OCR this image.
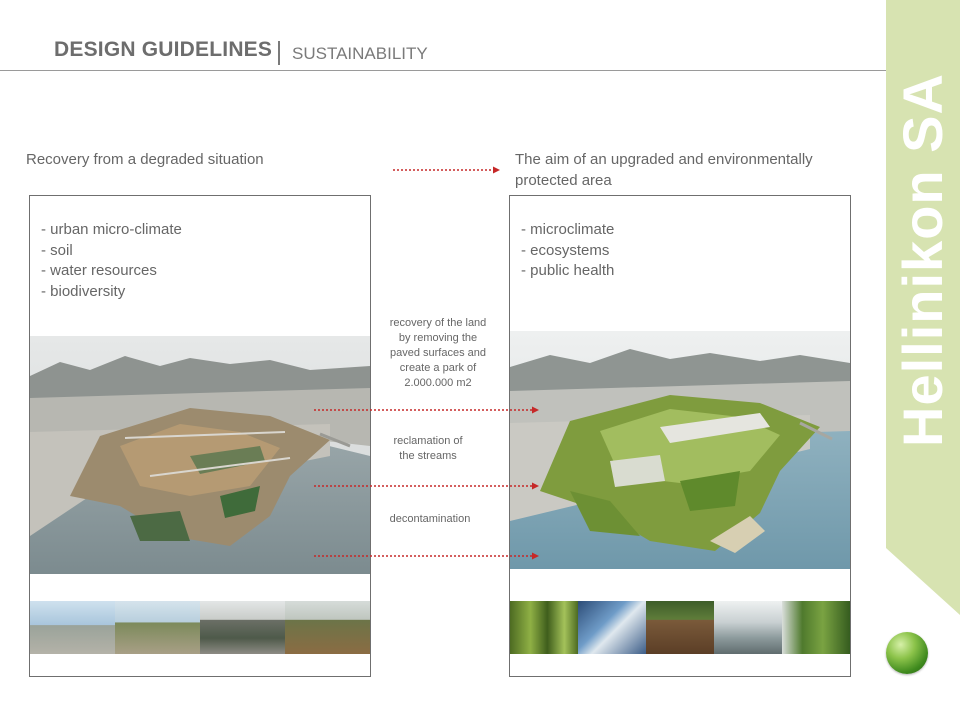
DESIGN GUIDELINES SUSTAINABILITY
Hellinikon SA
Recovery from a degraded situation	The aim of an upgraded and environmentally protected area
- urban micro-climate
- soil
- water resources
- biodiversity
- microclimate
- ecosystems
- public health

recovery of the land
by removing the
paved surfaces and
create a park of
2.000.000 m2

reclamation of
the streams

decontamination
